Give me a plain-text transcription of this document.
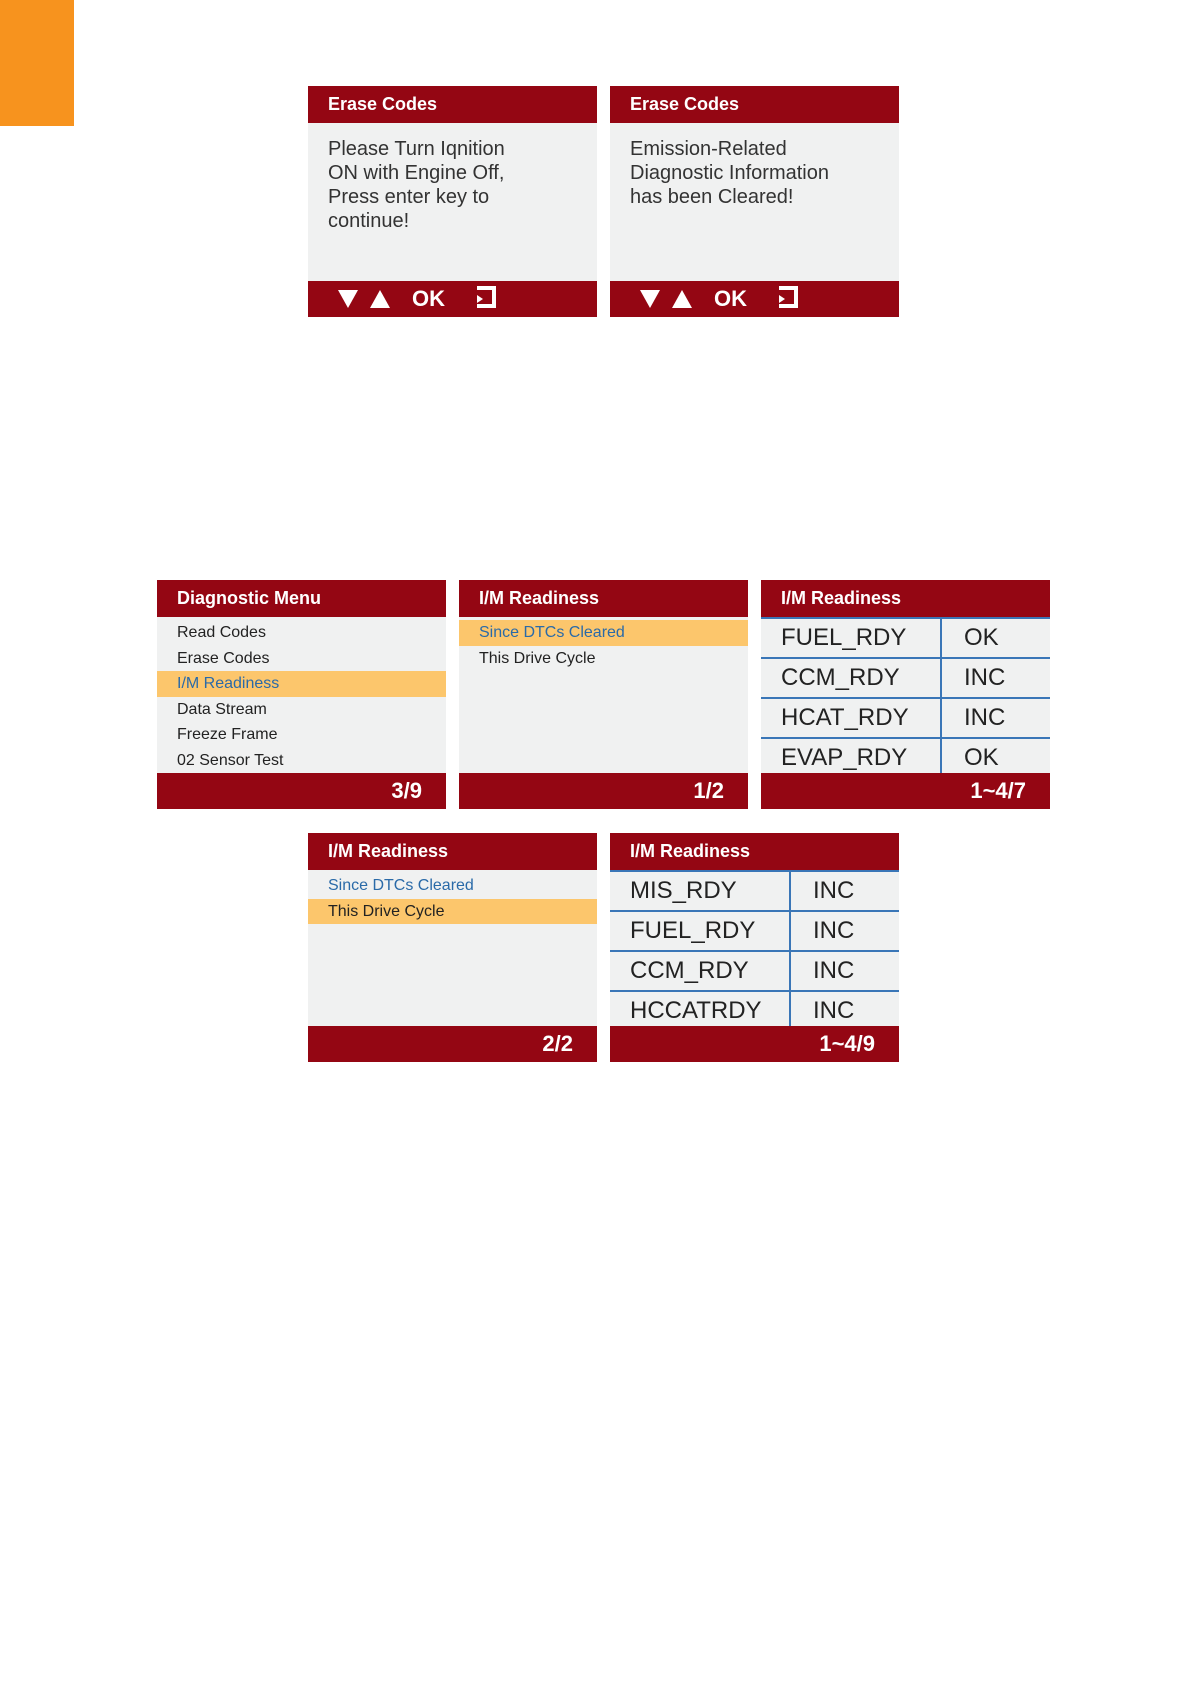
Erase Codes
Please Turn Iqnition
ON with Engine Off,
Press enter key to
continue!
OK
Erase Codes
Emission-Related
Diagnostic Information
has been Cleared!
OK
Diagnostic Menu
Read Codes
Erase Codes
I/M Readiness
Data Stream
Freeze Frame
02 Sensor Test
3/9
I/M Readiness
Since DTCs Cleared
This Drive Cycle
1/2
I/M Readiness
FUEL_RDY	OK
CCM_RDY	INC
HCAT_RDY	INC
EVAP_RDY	OK
1~4/7
I/M Readiness
Since DTCs Cleared
This Drive Cycle
2/2
I/M Readiness
MIS_RDY	INC
FUEL_RDY	INC
CCM_RDY	INC
HCCATRDY	INC
1~4/9
